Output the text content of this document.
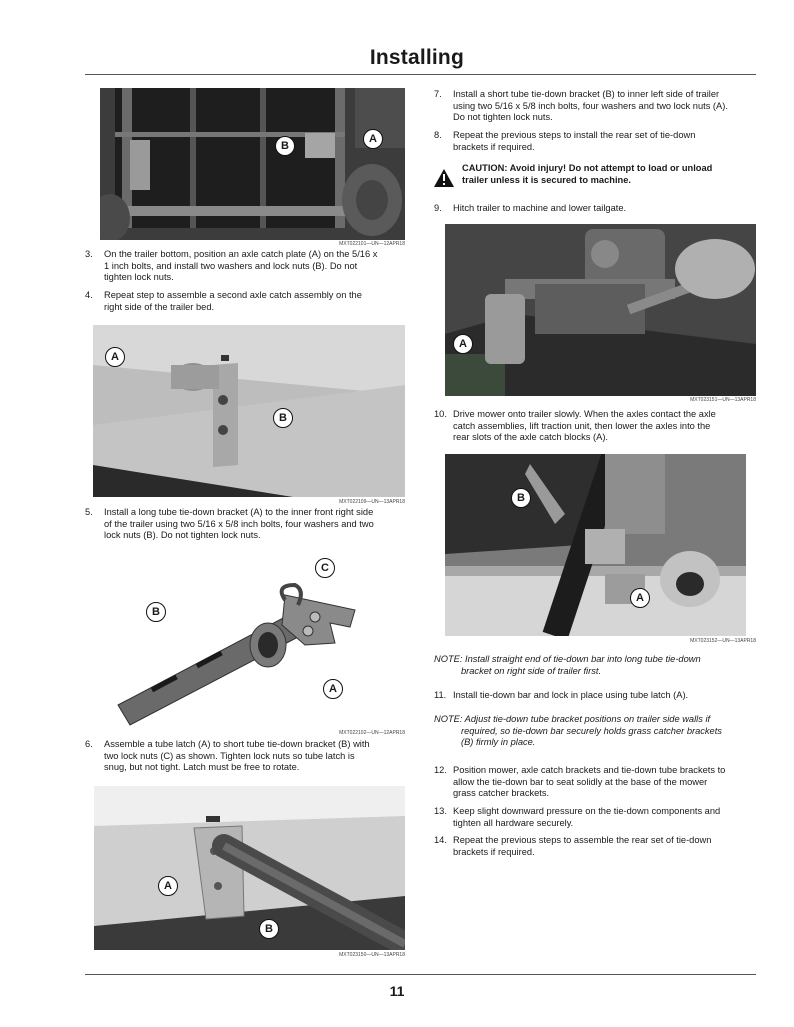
Installing
A
B
MXT022101—UN—12APR18
3.	On the trailer bottom, position an axle catch plate (A) on the 5/16 x
1 inch bolts, and install two washers and lock nuts (B). Do not
tighten lock nuts.
4.	Repeat step to assemble a second axle catch assembly on the
right side of the trailer bed.
A
B
MXT022109—UN—13APR18
5.	Install a long tube tie-down bracket (A) to the inner front right side
of the trailer using two 5/16 x 5/8 inch bolts, four washers and two
lock nuts (B). Do not tighten lock nuts.
B
C
A
MXT022102—UN—12APR18
6.	Assemble a tube latch (A) to short tube tie-down bracket (B) with
two lock nuts (C) as shown. Tighten lock nuts so tube latch is
snug, but not tight. Latch must be free to rotate.
A
B
MXT023150—UN—13APR18
7.	Install a short tube tie-down bracket (B) to inner left side of trailer
using two 5/16 x 5/8 inch bolts, four washers and two lock nuts (A).
Do not tighten lock nuts.
8.	Repeat the previous steps to install the rear set of tie-down
brackets if required.
CAUTION: Avoid injury! Do not attempt to load or unload
trailer unless it is secured to machine.
9.	Hitch trailer to machine and lower tailgate.
A
MXT023151—UN—13APR18
10. Drive mower onto trailer slowly. When the axles contact the axle
catch assemblies, lift traction unit, then lower the axles into the
rear slots of the axle catch blocks (A).
B
A
MXT023152—UN—13APR18
NOTE: Install straight end of tie-down bar into long tube tie-down
bracket on right side of trailer first.
11. Install tie-down bar and lock in place using tube latch (A).
NOTE: Adjust tie-down tube bracket positions on trailer side walls if
required, so tie-down bar securely holds grass catcher brackets
(B) firmly in place.
12. Position mower, axle catch brackets and tie-down tube brackets to
allow the tie-down bar to seat solidly at the base of the mower
grass catcher brackets.
13. Keep slight downward pressure on the tie-down components and
tighten all hardware securely.
14. Repeat the previous steps to assemble the rear set of tie-down
brackets if required.
11
